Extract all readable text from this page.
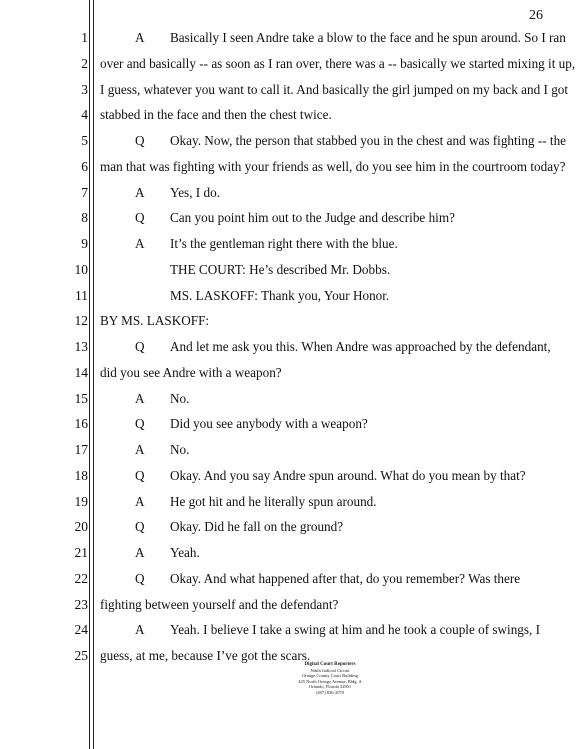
26
1	A	Basically I seen Andre take a blow to the face and he spun around. So I ran
2 over and basically -- as soon as I ran over, there was a -- basically we started mixing it up,
3 I guess, whatever you want to call it. And basically the girl jumped on my back and I got
4 stabbed in the face and then the chest twice.
5	Q	Okay. Now, the person that stabbed you in the chest and was fighting -- the
6 man that was fighting with your friends as well, do you see him in the courtroom today?
7	A	Yes, I do.
8	Q	Can you point him out to the Judge and describe him?
9	A	It’s the gentleman right there with the blue.
10	THE COURT: He’s described Mr. Dobbs.
11	MS. LASKOFF: Thank you, Your Honor.
12 BY MS. LASKOFF:
13	Q	And let me ask you this. When Andre was approached by the defendant,
14 did you see Andre with a weapon?
15	A	No.
16	Q	Did you see anybody with a weapon?
17	A	No.
18	Q	Okay. And you say Andre spun around. What do you mean by that?
19	A	He got hit and he literally spun around.
20	Q	Okay. Did he fall on the ground?
21	A	Yeah.
22	Q	Okay. And what happened after that, do you remember? Was there
23 fighting between yourself and the defendant?
24	A	Yeah. I believe I take a swing at him and he took a couple of swings, I
25 guess, at me, because I’ve got the scars.
Digital Court Reporters
Ninth Judicial Circuit
Orange County Court Building
425 North Orange Avenue, Bldg. A
Orlando, Florida 32801
(407) 836-2070
